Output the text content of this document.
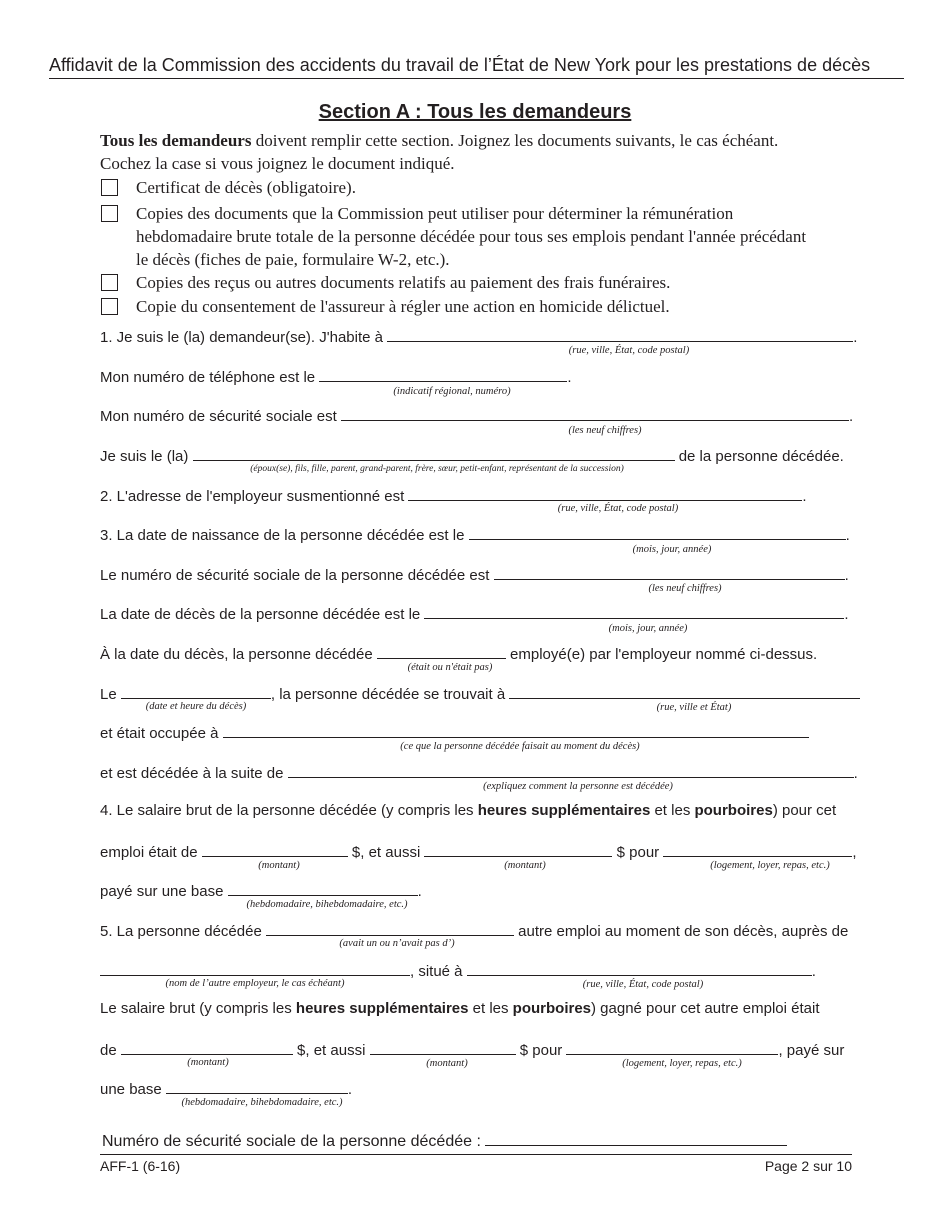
Affidavit de la Commission des accidents du travail de l’État de New York pour les prestations de décès
Section A : Tous les demandeurs
Tous les demandeurs doivent remplir cette section. Joignez les documents suivants, le cas échéant.
Cochez la case si vous joignez le document indiqué.
Certificat de décès (obligatoire).
Copies des documents que la Commission peut utiliser pour déterminer la rémunération
hebdomadaire brute totale de la personne décédée pour tous ses emplois pendant l'année précédant
le décès (fiches de paie, formulaire W-2, etc.).
Copies des reçus ou autres documents relatifs au paiement des frais funéraires.
Copie du consentement de l'assureur à régler une action en homicide délictuel.
1. Je suis le (la) demandeur(se). J'habite à	.
(rue, ville, État, code postal)
Mon numéro de téléphone est le	.
(indicatif régional, numéro)
Mon numéro de sécurité sociale est	.
(les neuf chiffres)
Je suis le (la)	de la personne décédée.
(époux(se), fils, fille, parent, grand-parent, frère, sœur, petit-enfant, représentant de la succession)
2. L'adresse de l'employeur susmentionné est	.
(rue, ville, État, code postal)
3. La date de naissance de la personne décédée est le	.
(mois, jour, année)
Le numéro de sécurité sociale de la personne décédée est	.
(les neuf chiffres)
La date de décès de la personne décédée est le	.
(mois, jour, année)
À la date du décès, la personne décédée	employé(e) par l'employeur nommé ci-dessus.
(était ou n'était pas)
Le	, la personne décédée se trouvait à
(date et heure du décès)	(rue, ville et État)
et était occupée à
(ce que la personne décédée faisait au moment du décès)
et est décédée à la suite de	.
(expliquez comment la personne est décédée)
4. Le salaire brut de la personne décédée (y compris les heures supplémentaires et les pourboires) pour cet
emploi était de	$, et aussi	$ pour	,
(montant)	(montant)	(logement, loyer, repas, etc.)
payé sur une base	.
(hebdomadaire, bihebdomadaire, etc.)
5. La personne décédée	autre emploi au moment de son décès, auprès de
(avait un ou n’avait pas d’)
, situé à	.
(nom de l’autre employeur, le cas échéant)	(rue, ville, État, code postal)
Le salaire brut (y compris les heures supplémentaires et les pourboires) gagné pour cet autre emploi était
de	$, et aussi	$ pour	, payé sur
(montant)	(montant)	(logement, loyer, repas, etc.)
une base	.
(hebdomadaire, bihebdomadaire, etc.)
Numéro de sécurité sociale de la personne décédée :
AFF-1 (6-16)	Page 2 sur 10
